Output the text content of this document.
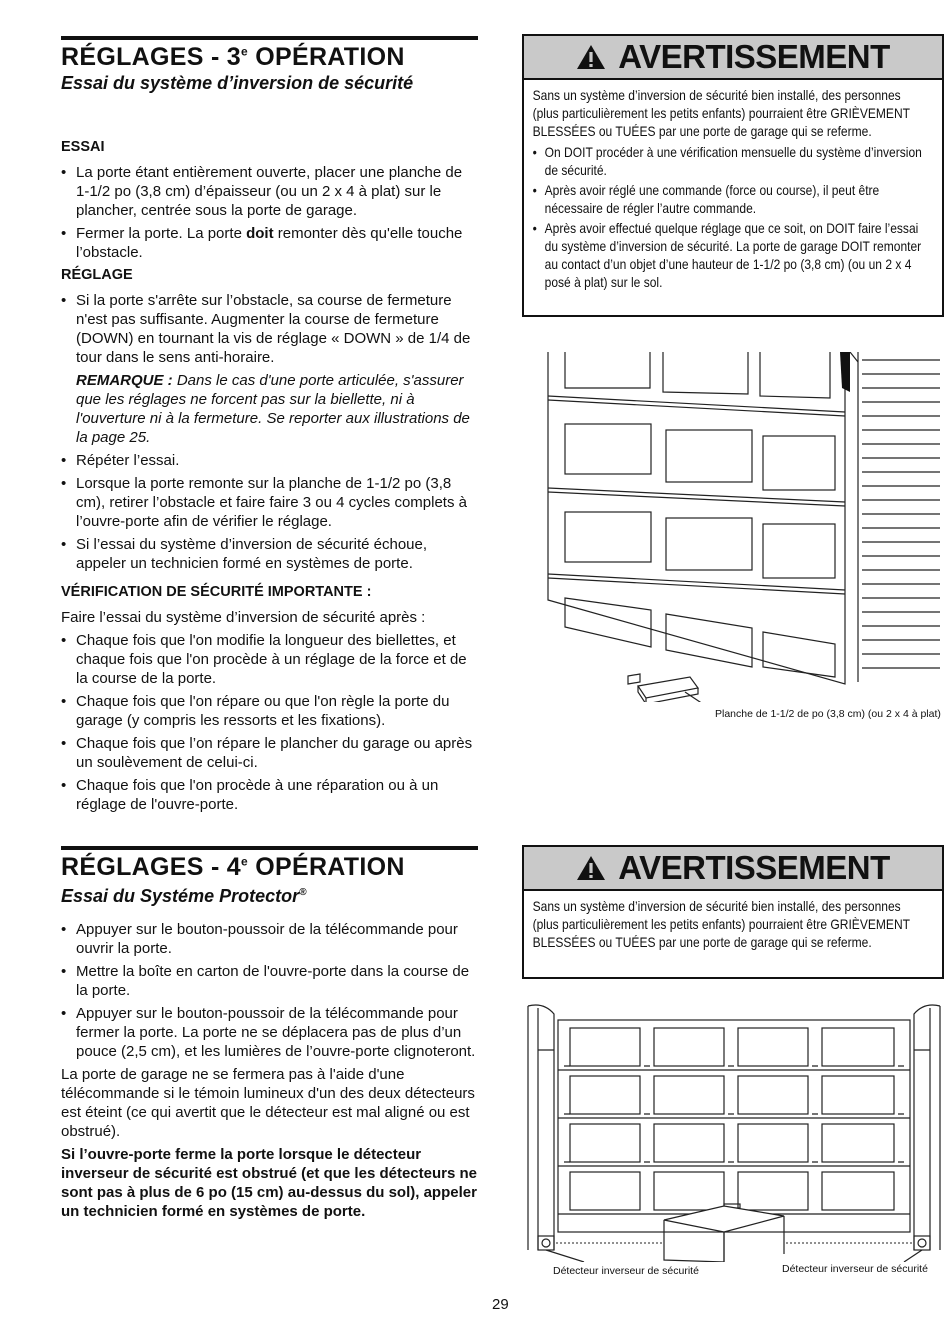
RÉGLAGES - 3e OPÉRATION
Essai du système d’inversion de sécurité

ESSAI

• La porte étant entièrement ouverte, placer une planche de 1-1/2 po (3,8 cm) d’épaisseur (ou un 2 x 4 à plat) sur le plancher, centrée sous la porte de garage.
• Fermer la porte. La porte doit remonter dès qu'elle touche l’obstacle.

RÉGLAGE

• Si la porte s'arrête sur l’obstacle, sa course de fermeture n'est pas suffisante. Augmenter la course de fermeture (DOWN) en tournant la vis de réglage « DOWN » de 1/4 de tour dans le sens anti-horaire.

REMARQUE : Dans le cas d'une porte articulée, s'assurer que les réglages ne forcent pas sur la biellette, ni à l'ouverture ni à la fermeture. Se reporter aux illustrations de la page 25.

• Répéter l’essai.
• Lorsque la porte remonte sur la planche de 1-1/2 po (3,8 cm), retirer l’obstacle et faire faire 3 ou 4 cycles complets à l’ouvre-porte afin de vérifier le réglage.
• Si l’essai du système d’inversion de sécurité échoue, appeler un technicien formé en systèmes de porte.

VÉRIFICATION DE SÉCURITÉ IMPORTANTE :

Faire l’essai du système d’inversion de sécurité après :

• Chaque fois que l'on modifie la longueur des biellettes, et chaque fois que l'on procède à un réglage de la force et de la course de la porte.
• Chaque fois que l'on répare ou que l'on règle la porte du garage (y compris les ressorts et les fixations).
• Chaque fois que l’on répare le plancher du garage ou après un soulèvement de celui-ci.
• Chaque fois que l'on procède à une réparation ou à un réglage de l'ouvre-porte.
AVERTISSEMENT

Sans un système d’inversion de sécurité bien installé, des personnes (plus particulièrement les petits enfants) pourraient être GRIÈVEMENT BLESSÉES ou TUÉES par une porte de garage qui se referme.

• On DOIT procéder à une vérification mensuelle du système d’inversion de sécurité.
• Après avoir réglé une commande (force ou course), il peut être nécessaire de régler l’autre commande.
• Après avoir effectué quelque réglage que ce soit, on DOIT faire l’essai du système d’inversion de sécurité. La porte de garage DOIT remonter au contact d’un objet d’une hauteur de 1-1/2 po (3,8 cm) (ou un 2 x 4 posé à plat) sur le sol.
Planche de 1-1/2 de po (3,8 cm) (ou 2 x 4 à plat)
RÉGLAGES - 4e OPÉRATION
Essai du Systéme Protector®
• Appuyer sur le bouton-poussoir de la télécommande pour ouvrir la porte.
• Mettre la boîte en carton de l'ouvre-porte dans la course de la porte.
• Appuyer sur le bouton-poussoir de la télécommande pour fermer la porte. La porte ne se déplacera pas de plus d’un pouce (2,5 cm), et les lumières de l’ouvre-porte clignoteront.

La porte de garage ne se fermera pas à l'aide d'une télécommande si le témoin lumineux d'un des deux détecteurs est éteint (ce qui avertit que le détecteur est mal aligné ou est obstrué).

Si l’ouvre-porte ferme la porte lorsque le détecteur inverseur de sécurité est obstrué (et que les détecteurs ne sont pas à plus de 6 po (15 cm) au-dessus du sol), appeler un technicien formé en systèmes de porte.

AVERTISSEMENT

Sans un système d’inversion de sécurité bien installé, des personnes (plus particulièrement les petits enfants) pourraient être GRIÈVEMENT BLESSÉES ou TUÉES par une porte de garage qui se referme.

Détecteur inverseur de sécurité	Détecteur inverseur de sécurité
29
